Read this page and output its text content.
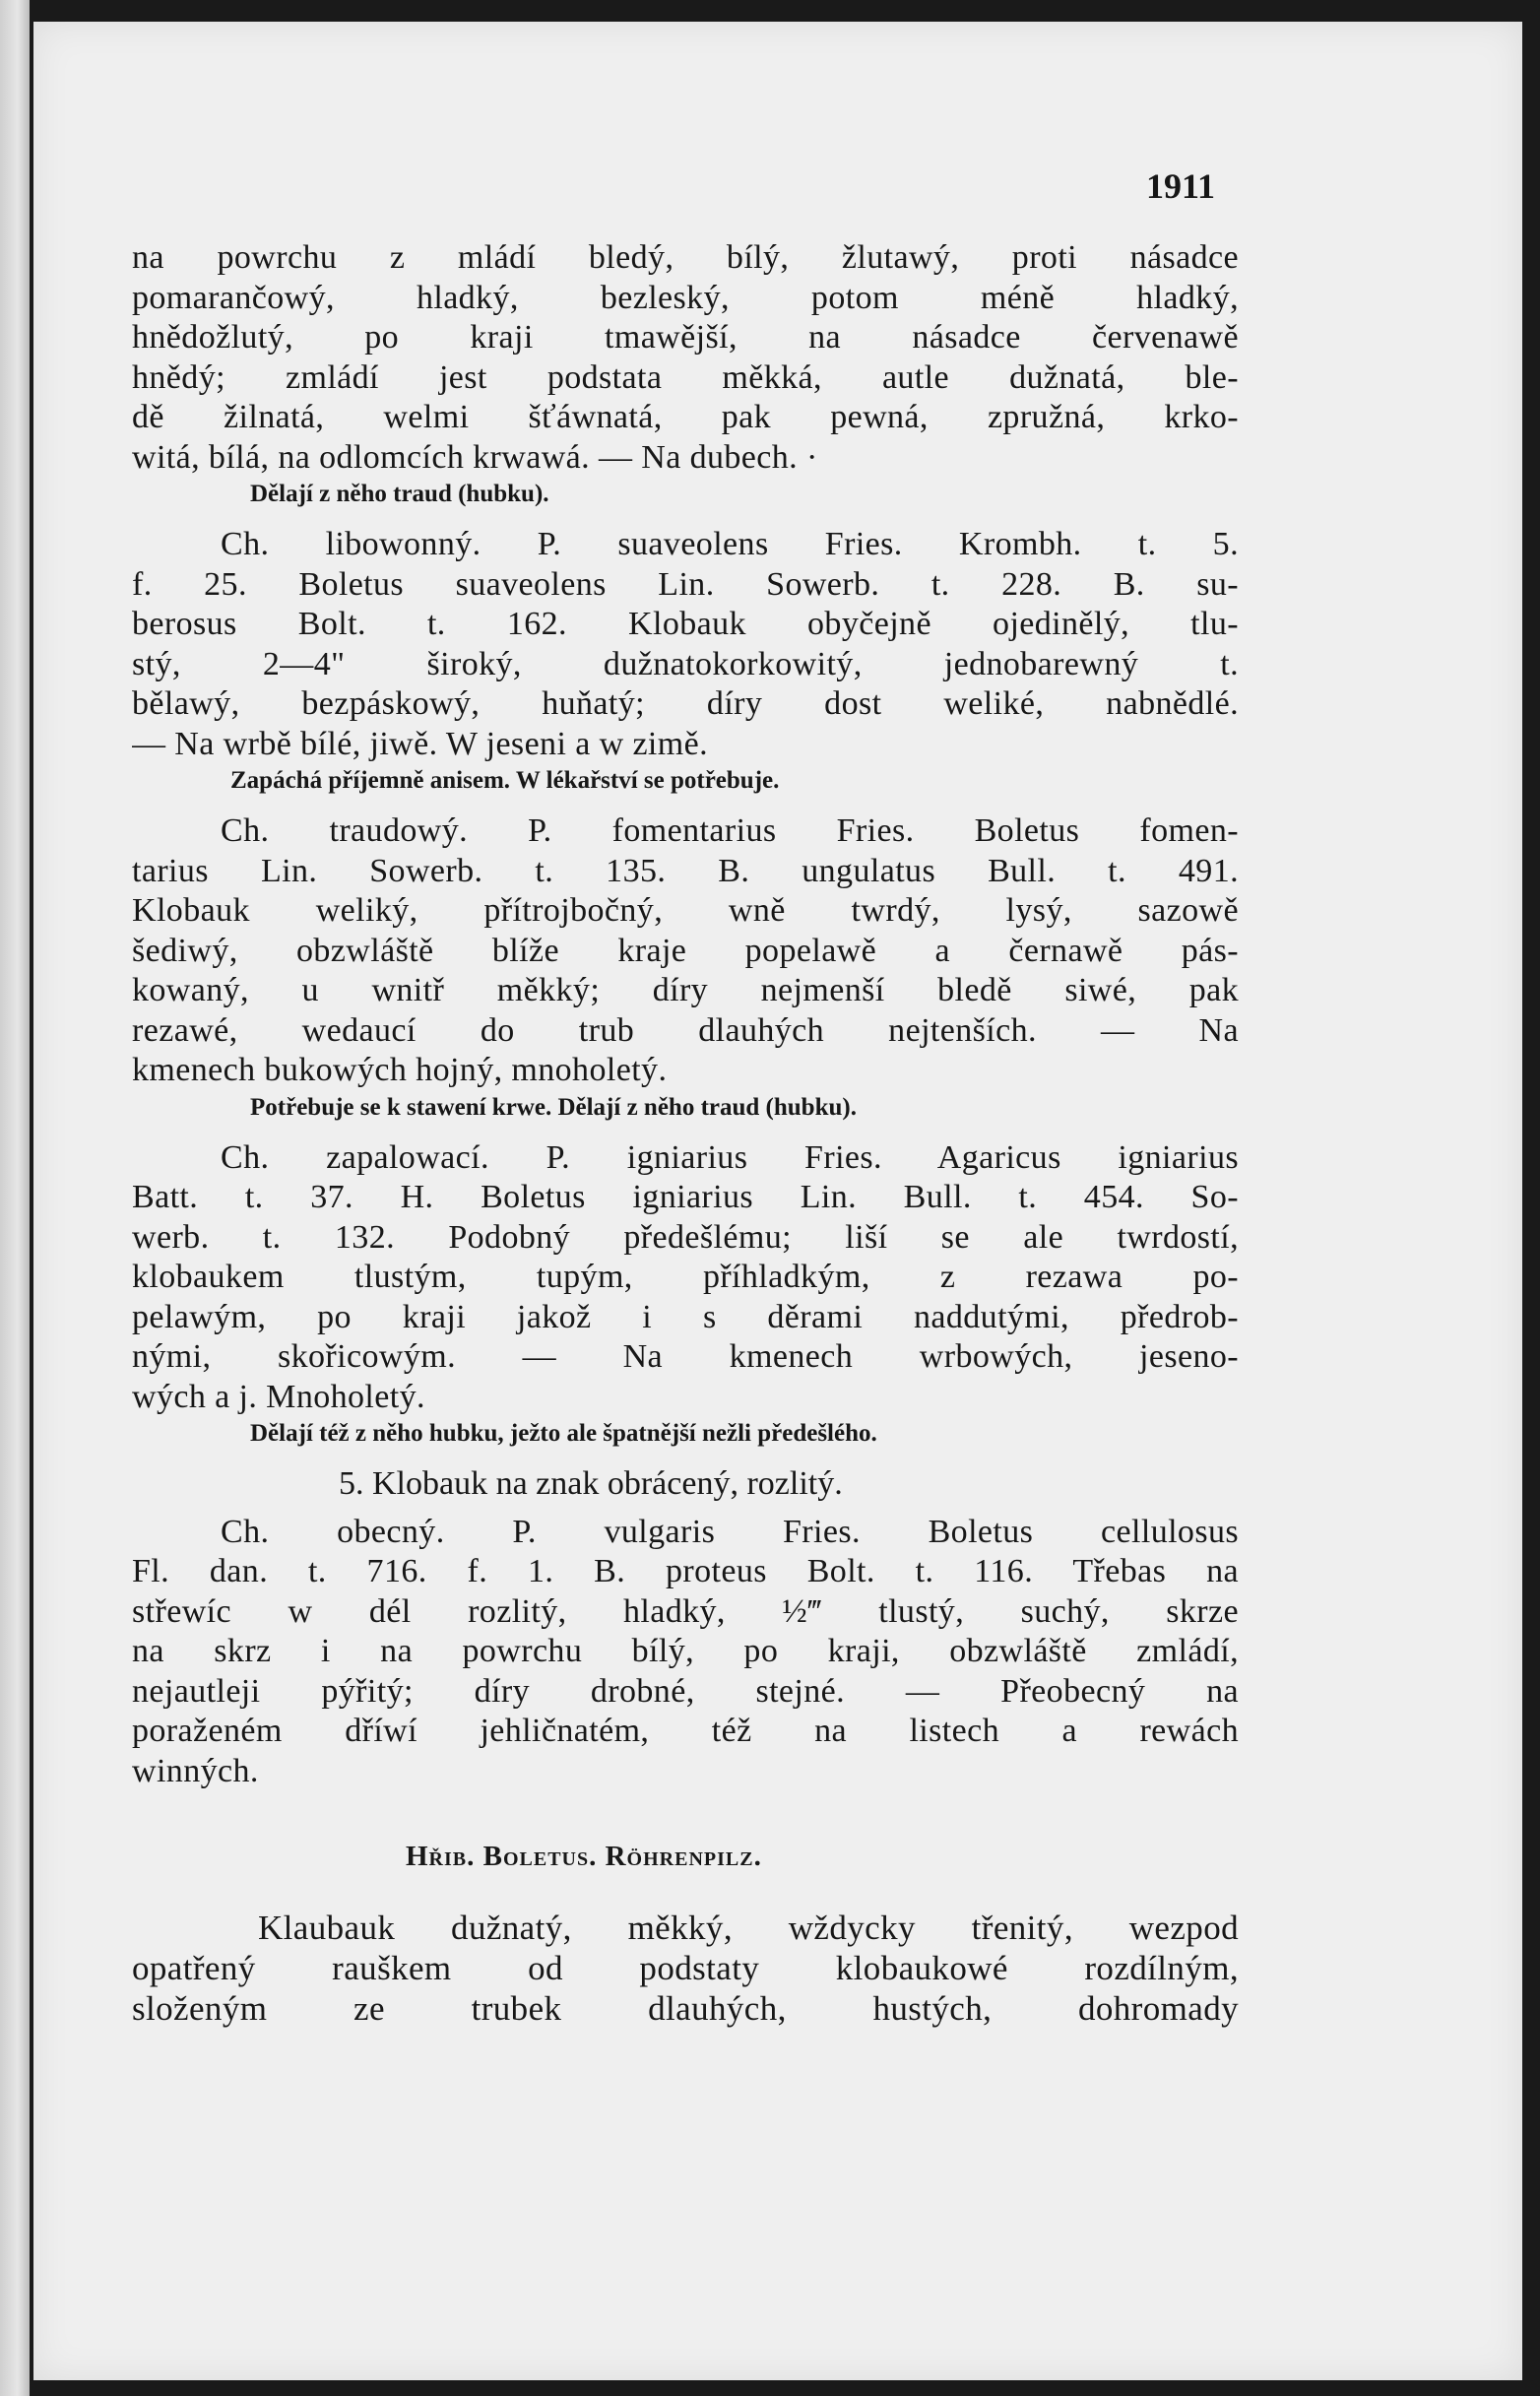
1911
na powrchu z mládí bledý, bílý, žlutawý, proti násadce
pomarančowý, hladký, bezleský, potom méně hladký,
hnědožlutý, po kraji tmawější, na násadce červenawě
hnědý; zmládí jest podstata měkká, autle dužnatá, ble-
dě žilnatá, welmi šťáwnatá, pak pewná, zpružná, krko-
witá, bílá, na odlomcích krwawá. — Na dubech. ·
Dělají z něho traud (hubku).
Ch. libowonný. P. suaveolens Fries. Krombh. t. 5.
f. 25. Boletus suaveolens Lin. Sowerb. t. 228. B. su-
berosus Bolt. t. 162. Klobauk obyčejně ojedinělý, tlu-
stý, 2—4" široký, dužnatokorkowitý, jednobarewný t.
bělawý, bezpáskowý, huňatý; díry dost weliké, nabnědlé.
— Na wrbě bílé, jiwě. W jeseni a w zimě.
Zapáchá příjemně anisem. W lékařství se potřebuje.
Ch. traudowý. P. fomentarius Fries. Boletus fomen-
tarius Lin. Sowerb. t. 135. B. ungulatus Bull. t. 491.
Klobauk weliký, přítrojbočný, wně twrdý, lysý, sazowě
šediwý, obzwláště blíže kraje popelawě a černawě pás-
kowaný, u wnitř měkký; díry nejmenší bledě siwé, pak
rezawé, wedaucí do trub dlauhých nejtenších. — Na
kmenech bukowých hojný, mnoholetý.
Potřebuje se k stawení krwe. Dělají z něho traud (hubku).
Ch. zapalowací. P. igniarius Fries. Agaricus igniarius
Batt. t. 37. H. Boletus igniarius Lin. Bull. t. 454. So-
werb. t. 132. Podobný předešlému; liší se ale twrdostí,
klobaukem tlustým, tupým, příhladkým, z rezawa po-
pelawým, po kraji jakož i s děrami naddutými, předrob-
nými, skořicowým. — Na kmenech wrbowých, jeseno-
wých a j. Mnoholetý.
Dělají též z něho hubku, ježto ale špatnější nežli předešlého.
5. Klobauk na znak obrácený, rozlitý.
Ch. obecný. P. vulgaris Fries. Boletus cellulosus
Fl. dan. t. 716. f. 1. B. proteus Bolt. t. 116. Třebas na
střewíc w dél rozlitý, hladký, ½‴ tlustý, suchý, skrze
na skrz i na powrchu bílý, po kraji, obzwláště zmládí,
nejautleji pýřitý; díry drobné, stejné. — Přeobecný na
poraženém dříwí jehličnatém, též na listech a rewách
winných.
Hřib. Boletus. Röhrenpilz.
Klaubauk dužnatý, měkký, wždycky třenitý, wezpod
opatřený rauškem od podstaty klobaukowé rozdílným,
složeným ze trubek dlauhých, hustých, dohromady
